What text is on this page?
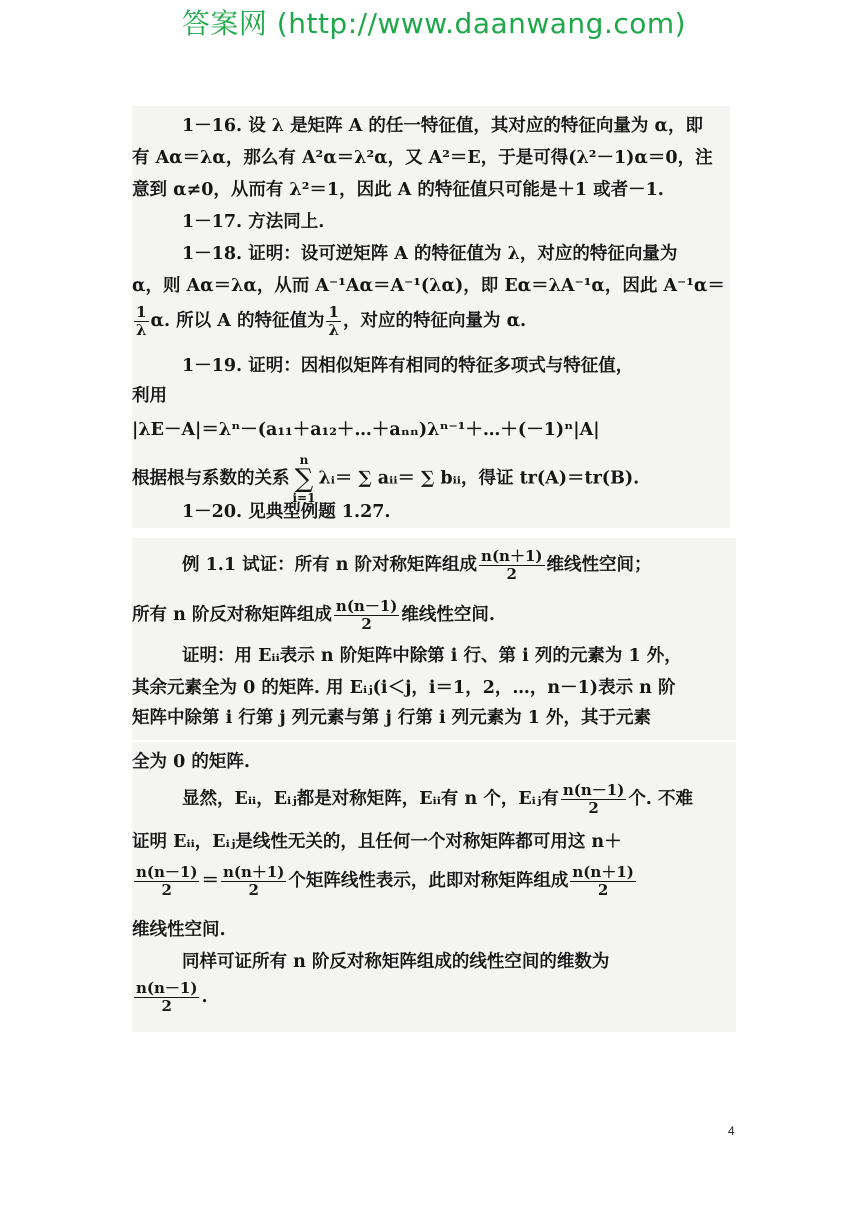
答案网 (http://www.daanwang.com)
1－16. 设 λ 是矩阵 A 的任一特征值，其对应的特征向量为 α，即
有 Aα＝λα，那么有 A²α＝λ²α，又 A²＝E，于是可得(λ²－1)α＝0，注
意到 α≠0，从而有 λ²＝1，因此 A 的特征值只可能是＋1 或者－1.
1－17. 方法同上.
1－18. 证明：设可逆矩阵 A 的特征值为 λ，对应的特征向量为
α，则 Aα＝λα，从而 A⁻¹Aα＝A⁻¹(λα)，即 Eα＝λA⁻¹α，因此 A⁻¹α＝
$\frac{1}{\lambda} \alpha$. 所以 A 的特征值为 $\frac{1}{\lambda}$ ，对应的特征向量为 α.
1－19. 证明：因相似矩阵有相同的特征多项式与特征值，
利用
|λE－A|＝λⁿ－(a₁₁＋a₁₂＋…＋aₙₙ)λⁿ⁻¹＋…＋(－1)ⁿ|A|
根据根与系数的关系n
∑
i=1λᵢ＝ ∑ aᵢᵢ＝ ∑ bᵢᵢ，得证 tr(A)＝tr(B).
1－20. 见典型例题 1.27.
例 1.1 试证：所有 n 阶对称矩阵组成 $\frac{n(n+1)}{2}$ 维线性空间；
所有 n 阶反对称矩阵组成 $\frac{n(n-1)}{2}$ 维线性空间.
证明：用 Eᵢᵢ表示 n 阶矩阵中除第 i 行、第 i 列的元素为 1 外，
其余元素全为 0 的矩阵. 用 Eᵢⱼ(i＜j，i＝1，2，…，n－1)表示 n 阶
矩阵中除第 i 行第 j 列元素与第 j 行第 i 列元素为 1 外，其于元素
全为 0 的矩阵.
显然，Eᵢᵢ，Eᵢⱼ都是对称矩阵，Eᵢᵢ有 n 个，Eᵢⱼ有 $\frac{n(n-1)}{2}$ 个. 不难
证明 Eᵢᵢ，Eᵢⱼ是线性无关的，且任何一个对称矩阵都可用这 n＋
$\frac{n(n-1)}{2} = \frac{n(n+1)}{2}$ 个矩阵线性表示，此即对称矩阵组成 $\frac{n(n+1)}{2}$
维线性空间.
同样可证所有 n 阶反对称矩阵组成的线性空间的维数为
$\frac{n(n-1)}{2}$ .
4
